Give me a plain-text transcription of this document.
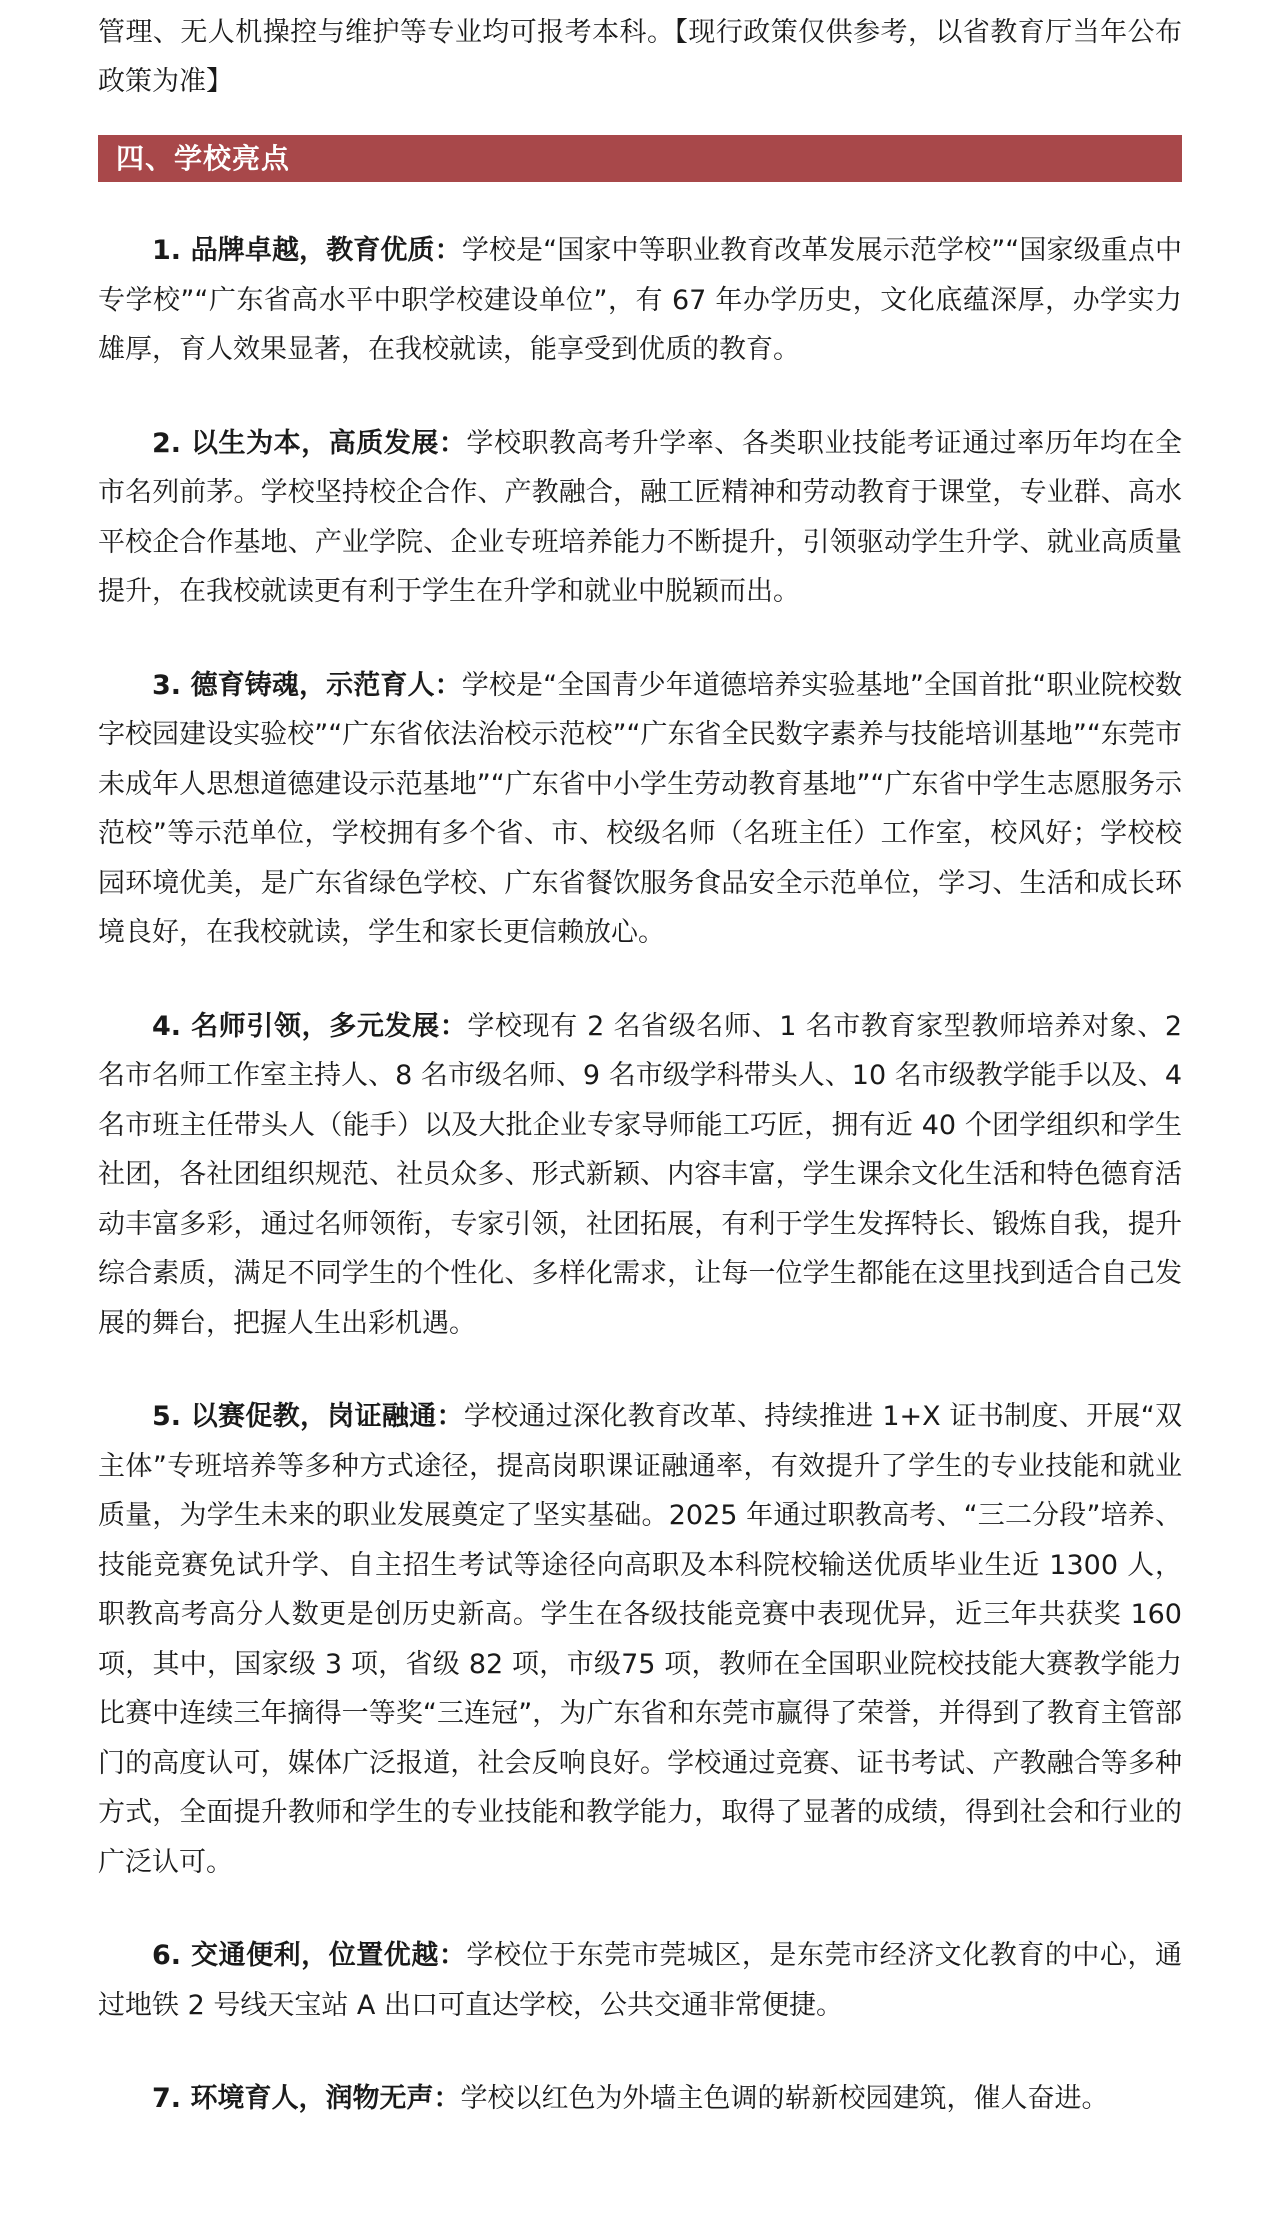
管理、无人机操控与维护等专业均可报考本科。【现行政策仅供参考，以省教育厅当年公布政策为准】

四、学校亮点

1. 品牌卓越，教育优质：学校是“国家中等职业教育改革发展示范学校”“国家级重点中专学校”“广东省高水平中职学校建设单位”，有 67 年办学历史，文化底蕴深厚，办学实力雄厚，育人效果显著，在我校就读，能享受到优质的教育。

2. 以生为本，高质发展：学校职教高考升学率、各类职业技能考证通过率历年均在全市名列前茅。学校坚持校企合作、产教融合，融工匠精神和劳动教育于课堂，专业群、高水平校企合作基地、产业学院、企业专班培养能力不断提升，引领驱动学生升学、就业高质量提升，在我校就读更有利于学生在升学和就业中脱颖而出。

3. 德育铸魂，示范育人：学校是“全国青少年道德培养实验基地”全国首批“职业院校数字校园建设实验校”“广东省依法治校示范校”“广东省全民数字素养与技能培训基地”“东莞市未成年人思想道德建设示范基地”“广东省中小学生劳动教育基地”“广东省中学生志愿服务示范校”等示范单位，学校拥有多个省、市、校级名师（名班主任）工作室，校风好；学校校园环境优美，是广东省绿色学校、广东省餐饮服务食品安全示范单位，学习、生活和成长环境良好，在我校就读，学生和家长更信赖放心。

4. 名师引领，多元发展：学校现有 2 名省级名师、1 名市教育家型教师培养对象、2 名市名师工作室主持人、8 名市级名师、9 名市级学科带头人、10 名市级教学能手以及、4 名市班主任带头人（能手）以及大批企业专家导师能工巧匠，拥有近 40 个团学组织和学生社团，各社团组织规范、社员众多、形式新颖、内容丰富，学生课余文化生活和特色德育活动丰富多彩，通过名师领衔，专家引领，社团拓展，有利于学生发挥特长、锻炼自我，提升综合素质，满足不同学生的个性化、多样化需求，让每一位学生都能在这里找到适合自己发展的舞台，把握人生出彩机遇。

5. 以赛促教，岗证融通：学校通过深化教育改革、持续推进 1+X 证书制度、开展“双主体”专班培养等多种方式途径，提高岗职课证融通率，有效提升了学生的专业技能和就业质量，为学生未来的职业发展奠定了坚实基础。2025 年通过职教高考、“三二分段”培养、技能竞赛免试升学、自主招生考试等途径向高职及本科院校输送优质毕业生近 1300 人，职教高考高分人数更是创历史新高。学生在各级技能竞赛中表现优异，近三年共获奖 160 项，其中，国家级 3 项，省级 82 项，市级75 项，教师在全国职业院校技能大赛教学能力比赛中连续三年摘得一等奖“三连冠”，为广东省和东莞市赢得了荣誉，并得到了教育主管部门的高度认可，媒体广泛报道，社会反响良好。学校通过竞赛、证书考试、产教融合等多种方式，全面提升教师和学生的专业技能和教学能力，取得了显著的成绩，得到社会和行业的广泛认可。

6. 交通便利，位置优越：学校位于东莞市莞城区，是东莞市经济文化教育的中心，通过地铁 2 号线天宝站 A 出口可直达学校，公共交通非常便捷。

7. 环境育人，润物无声：学校以红色为外墙主色调的崭新校园建筑，催人奋进。
